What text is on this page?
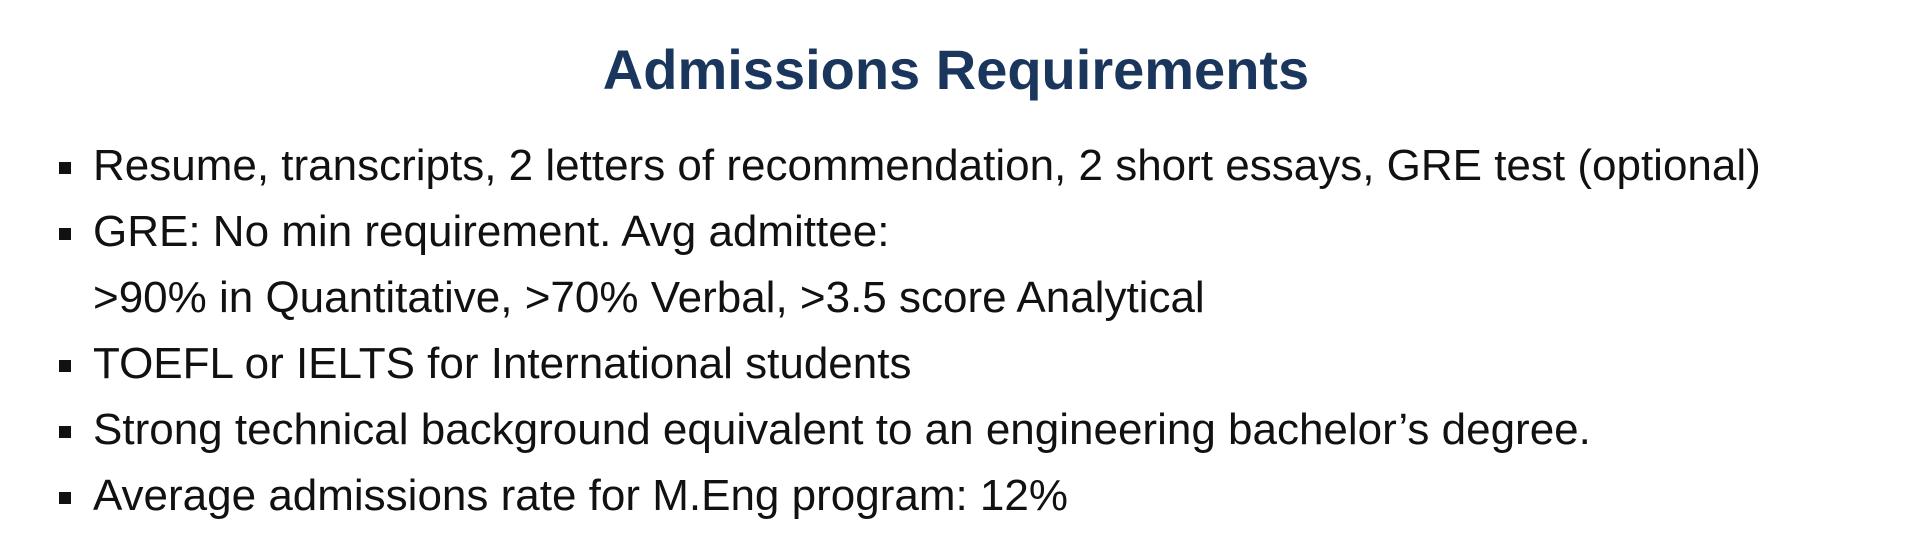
Admissions Requirements
Resume, transcripts, 2 letters of recommendation, 2 short essays, GRE test (optional)
GRE: No min requirement. Avg admittee:
>90% in Quantitative, >70% Verbal, >3.5 score Analytical
TOEFL or IELTS for International students
Strong technical background equivalent to an engineering bachelor’s degree.
Average admissions rate for M.Eng program: 12%
